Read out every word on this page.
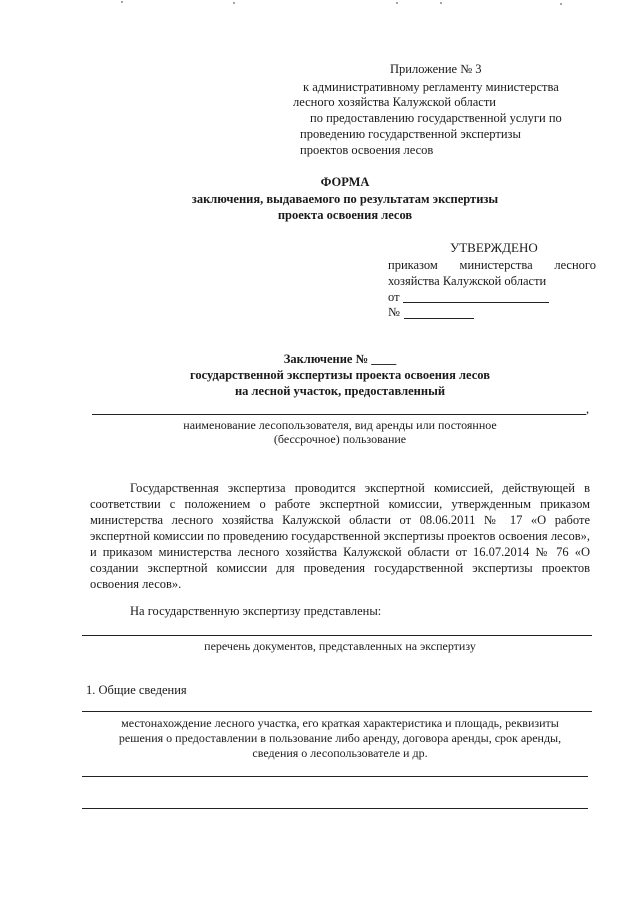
Приложение № 3
к административному регламенту министерства
лесного хозяйства Калужской области
по предоставлению государственной услуги по
проведению государственной экспертизы
проектов освоения лесов
ФОРМА
заключения, выдаваемого по результатам экспертизы
проекта освоения лесов
УТВЕРЖДЕНО
приказом министерства лесного
хозяйства Калужской области
от
№
Заключение № ____
государственной экспертизы проекта освоения лесов
на лесной участок, предоставленный
,
наименование лесопользователя, вид аренды или постоянное
(бессрочное) пользование
Государственная экспертиза проводится экспертной комиссией, действующей в соответствии с положением о работе экспертной комиссии, утвержденным приказом министерства лесного хозяйства Калужской области от 08.06.2011 № 17 «О работе экспертной комиссии по проведению государственной экспертизы проектов освоения лесов», и приказом министерства лесного хозяйства Калужской области от 16.07.2014 № 76 «О создании экспертной комиссии для проведения государственной экспертизы проектов освоения лесов».
На государственную экспертизу представлены:
перечень документов, представленных на экспертизу
1. Общие сведения
местонахождение лесного участка, его краткая характеристика и площадь, реквизиты
решения о предоставлении в пользование либо аренду, договора аренды, срок аренды,
сведения о лесопользователе и др.
